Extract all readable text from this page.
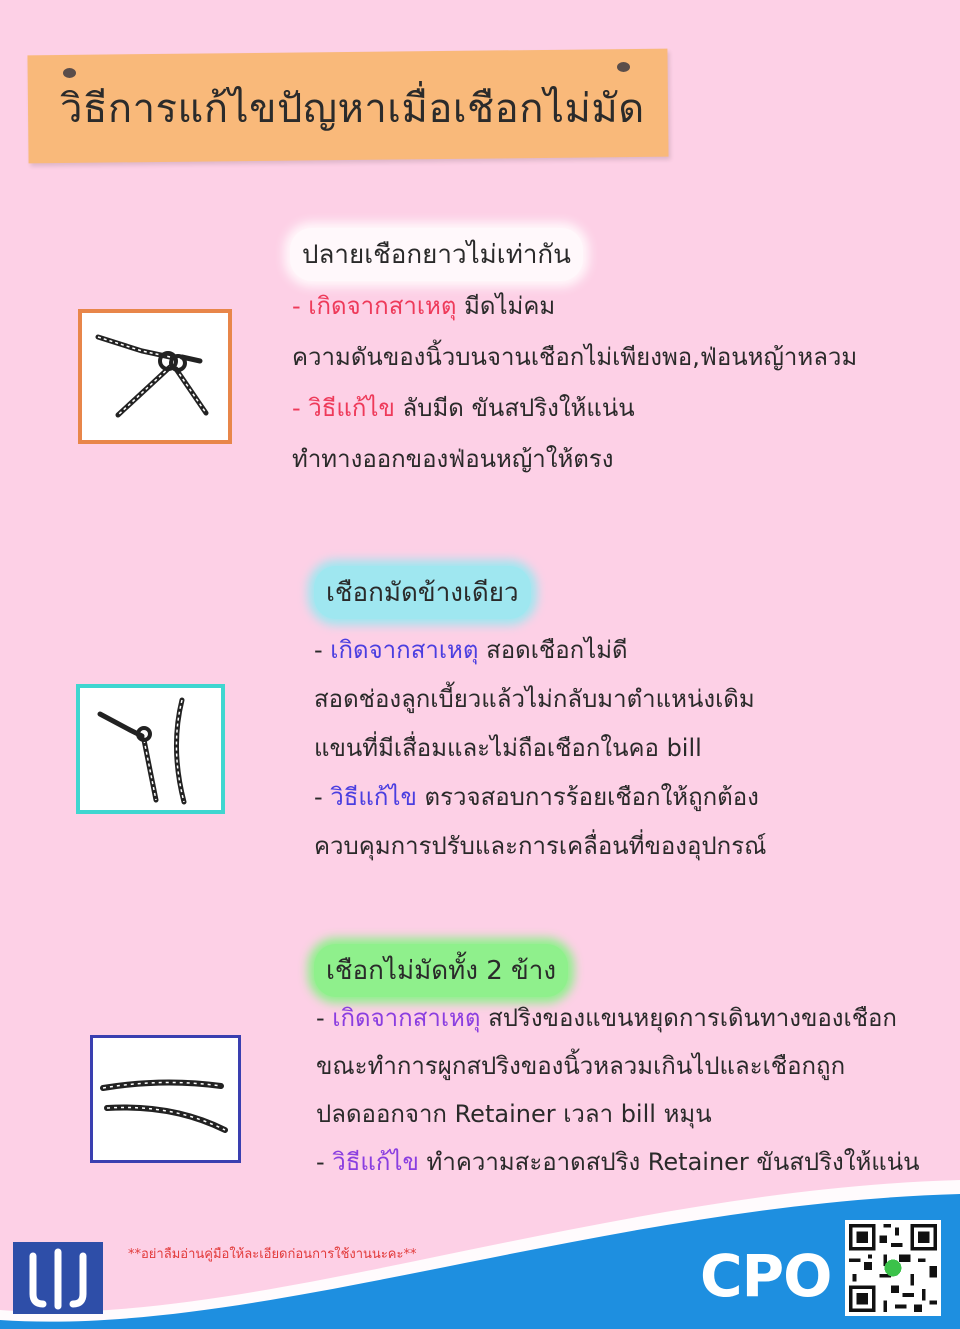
วิธีการแก้ไขปัญหาเมื่อเชือกไม่มัด
ปลายเชือกยาวไม่เท่ากัน
- เกิดจากสาเหตุ มีดไม่คม
ความดันของนิ้วบนจานเชือกไม่เพียงพอ,ฟ่อนหญ้าหลวม
- วิธีแก้ไข ลับมีด ขันสปริงให้แน่น
ทำทางออกของฟ่อนหญ้าให้ตรง
เชือกมัดข้างเดียว
- เกิดจากสาเหตุ สอดเชือกไม่ดี
สอดช่องลูกเบี้ยวแล้วไม่กลับมาตำแหน่งเดิม
แขนที่มีเสื่อมและไม่ถือเชือกในคอ bill
- วิธีแก้ไข ตรวจสอบการร้อยเชือกให้ถูกต้อง
ควบคุมการปรับและการเคลื่อนที่ของอุปกรณ์
เชือกไม่มัดทั้ง 2 ข้าง
- เกิดจากสาเหตุ สปริงของแขนหยุดการเดินทางของเชือก
ขณะทำการผูกสปริงของนิ้วหลวมเกินไปและเชือกถูก
ปลดออกจาก Retainer เวลา bill หมุน
- วิธีแก้ไข ทำความสะอาดสปริง Retainer ขันสปริงให้แน่น
**อย่าลืมอ่านคู่มือให้ละเอียดก่อนการใช้งานนะคะ**	CPO
